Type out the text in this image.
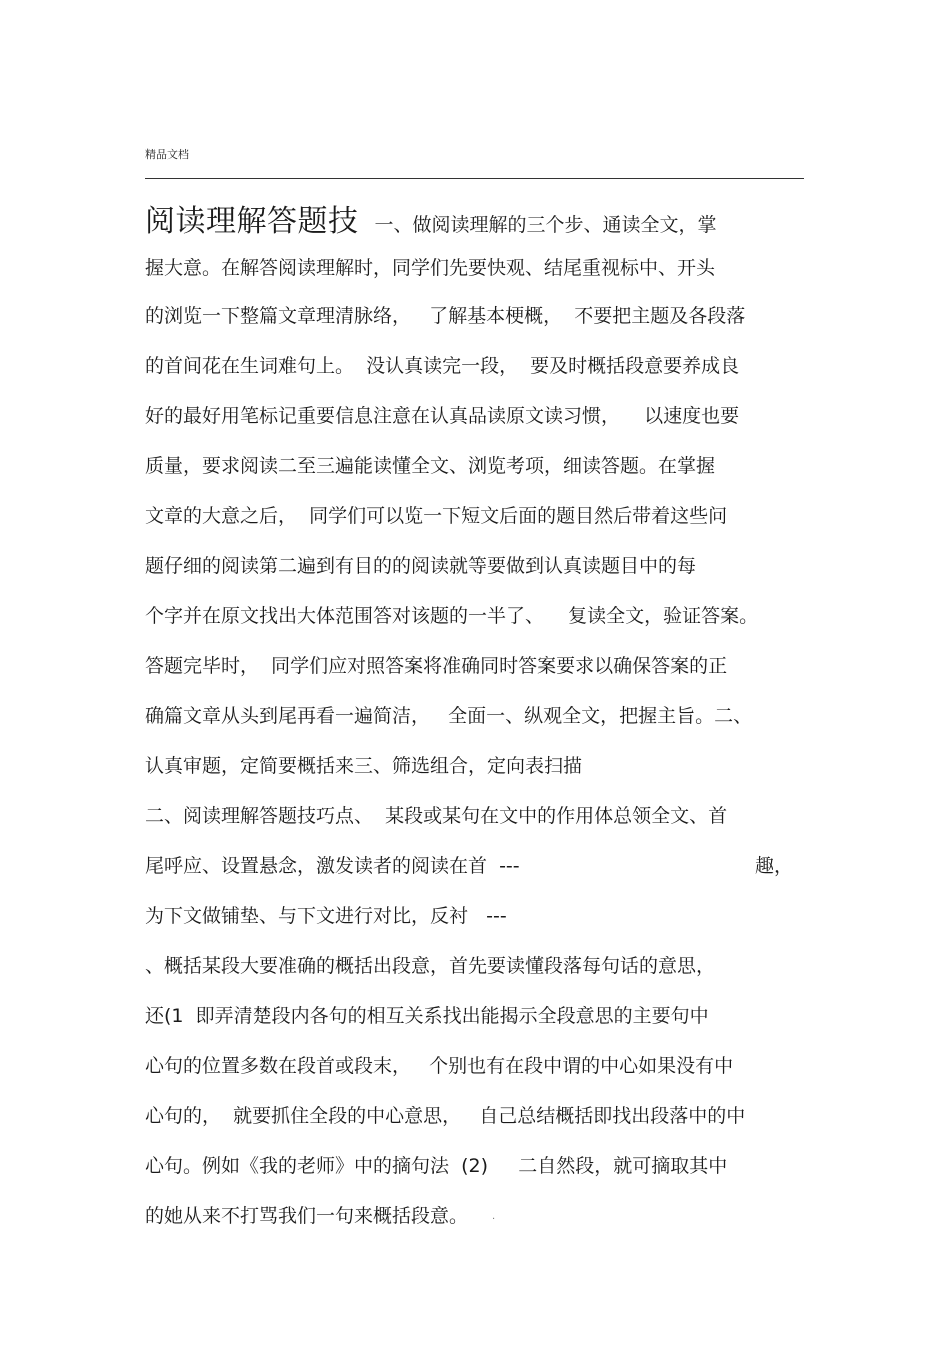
精品文档
阅读理解答题技 一、做阅读理解的三个步、通读全文，掌
握大意。在解答阅读理解时，同学们先要快观、结尾重视标中、开头
的浏览一下整篇文章理清脉络，   了解基本梗概，  不要把主题及各段落
的首间花在生词难句上。  没认真读完一段，  要及时概括段意要养成良
好的最好用笔标记重要信息注意在认真品读原文读习惯，    以速度也要
质量，要求阅读二至三遍能读懂全文、浏览考项，细读答题。在掌握
文章的大意之后，  同学们可以览一下短文后面的题目然后带着这些问
题仔细的阅读第二遍到有目的的阅读就等要做到认真读题目中的每
个字并在原文找出大体范围答对该题的一半了、    复读全文，验证答案。
答题完毕时，  同学们应对照答案将准确同时答案要求以确保答案的正
确篇文章从头到尾再看一遍简洁，   全面一、纵观全文，把握主旨。二、
认真审题，定简要概括来三、筛选组合，定向表扫描
二、阅读理解答题技巧点、  某段或某句在文中的作用体总领全文、首
尾呼应、设置悬念，激发读者的阅读在首  ---	趣，
为下文做铺垫、与下文进行对比，反衬   ---
、概括某段大要准确的概括出段意，首先要读懂段落每句话的意思，
还(1  即弄清楚段内各句的相互关系找出能揭示全段意思的主要句中
心句的位置多数在段首或段末，   个别也有在段中谓的中心如果没有中
心句的，  就要抓住全段的中心意思，   自己总结概括即找出段落中的中
心句。例如《我的老师》中的摘句法  (2)     二自然段，就可摘取其中
的她从来不打骂我们一句来概括段意。 .
